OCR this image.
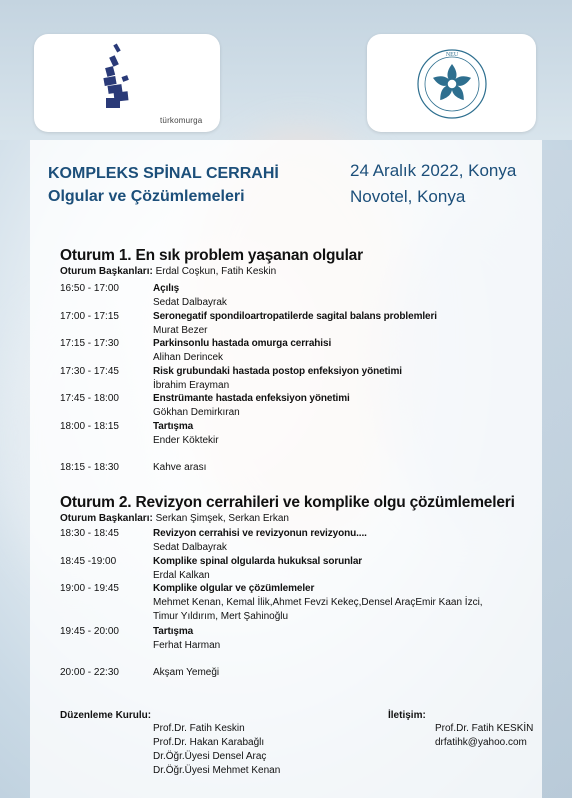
türkomurga
NEU
KOMPLEKS SPİNAL CERRAHİ
Olgular ve Çözümlemeleri
24 Aralık 2022, Konya
Novotel, Konya
Oturum 1. En sık problem yaşanan olgular
Oturum Başkanları: Erdal Coşkun, Fatih Keskin
16:50 - 17:00	Açılış
Sedat Dalbayrak
17:00 - 17:15	Seronegatif spondiloartropatilerde sagital balans problemleri
Murat Bezer
17:15 - 17:30	Parkinsonlu hastada omurga cerrahisi
Alihan Derincek
17:30 - 17:45	Risk grubundaki hastada postop enfeksiyon yönetimi
İbrahim Erayman
17:45 - 18:00	Enstrümante hastada enfeksiyon yönetimi
Gökhan Demirkıran
18:00 - 18:15	Tartışma
Ender Köktekir
18:15 - 18:30	Kahve arası
Oturum 2. Revizyon cerrahileri ve komplike olgu çözümlemeleri
Oturum Başkanları: Serkan Şimşek, Serkan Erkan
18:30 - 18:45	Revizyon cerrahisi ve revizyonun revizyonu....
Sedat Dalbayrak
18:45 -19:00	Komplike spinal olgularda hukuksal sorunlar
Erdal Kalkan
19:00 - 19:45	Komplike olgular ve çözümlemeler
Mehmet Kenan, Kemal İlik,Ahmet Fevzi Kekeç,Densel AraçEmir Kaan İzci,
Timur Yıldırım, Mert Şahinoğlu
19:45 - 20:00	Tartışma
Ferhat Harman
20:00 - 22:30	Akşam Yemeği
Düzenleme Kurulu:
Prof.Dr. Fatih Keskin
Prof.Dr. Hakan Karabağlı
Dr.Öğr.Üyesi Densel Araç
Dr.Öğr.Üyesi Mehmet Kenan
İletişim:
Prof.Dr. Fatih KESKİN
drfatihk@yahoo.com
